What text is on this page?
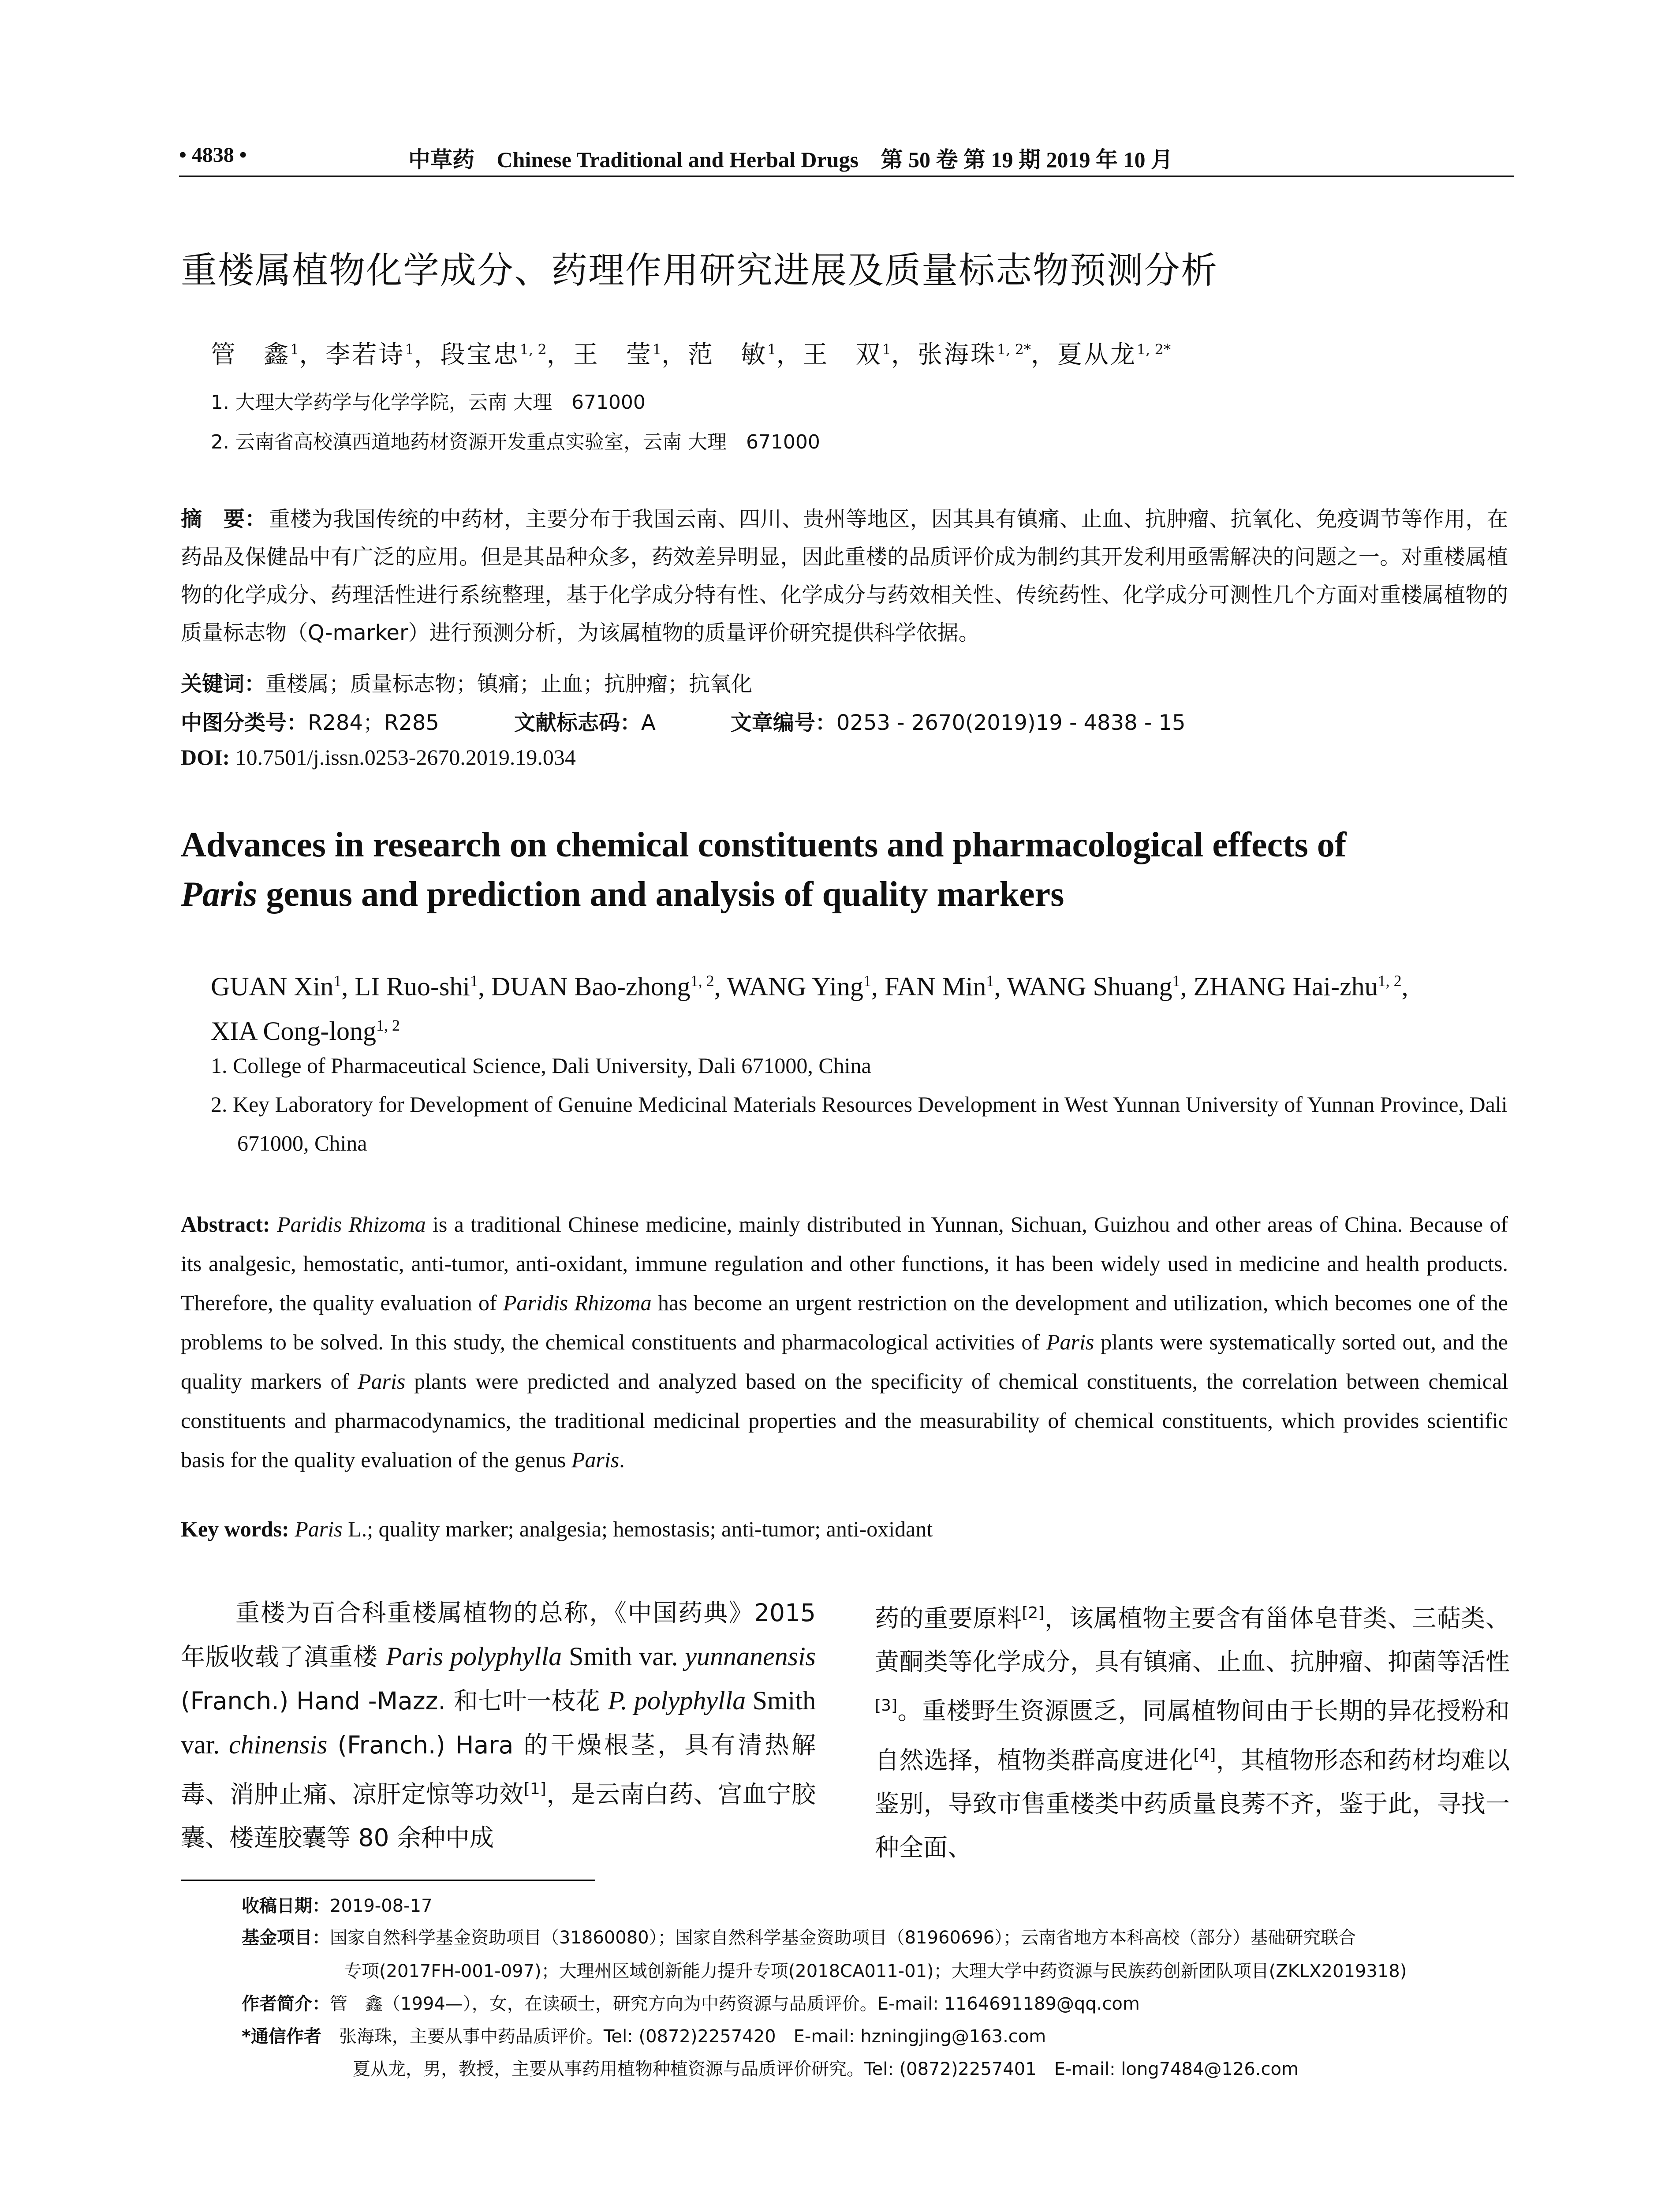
• 4838 •	中草药 Chinese Traditional and Herbal Drugs 第 50 卷 第 19 期 2019 年 10 月
重楼属植物化学成分、药理作用研究进展及质量标志物预测分析
管　鑫$^1$，李若诗$^1$，段宝忠$^{1, 2}$，王　莹$^1$，范　敏$^1$，王　双$^1$，张海珠$^{1, 2*}$，夏从龙$^{1, 2*}$
1. 大理大学药学与化学学院，云南 大理　671000
2. 云南省高校滇西道地药材资源开发重点实验室，云南 大理　671000
摘　要： 重楼为我国传统的中药材，主要分布于我国云南、四川、贵州等地区，因其具有镇痛、止血、抗肿瘤、抗氧化、免疫调节等作用，在药品及保健品中有广泛的应用。但是其品种众多，药效差异明显，因此重楼的品质评价成为制约其开发利用亟需解决的问题之一。对重楼属植物的化学成分、药理活性进行系统整理，基于化学成分特有性、化学成分与药效相关性、传统药性、化学成分可测性几个方面对重楼属植物的质量标志物（Q-marker）进行预测分析，为该属植物的质量评价研究提供科学依据。
关键词：重楼属；质量标志物；镇痛；止血；抗肿瘤；抗氧化
中图分类号：R284；R285	文献标志码：A	文章编号：0253 - 2670(2019)19 - 4838 - 15
DOI: 10.7501/j.issn.0253-2670.2019.19.034
Advances in research on chemical constituents and pharmacological effects of
Paris genus and prediction and analysis of quality markers
GUAN Xin$^1$, LI Ruo-shi$^1$, DUAN Bao-zhong$^{1, 2}$, WANG Ying$^1$, FAN Min$^1$, WANG Shuang$^1$, ZHANG Hai-zhu$^{1, 2}$,
XIA Cong-long$^{1, 2}$
1. College of Pharmaceutical Science, Dali University, Dali 671000, China
2. Key Laboratory for Development of Genuine Medicinal Materials Resources Development in West Yunnan University of Yunnan Province, Dali 671000, China
Abstract: Paridis Rhizoma is a traditional Chinese medicine, mainly distributed in Yunnan, Sichuan, Guizhou and other areas of China. Because of its analgesic, hemostatic, anti-tumor, anti-oxidant, immune regulation and other functions, it has been widely used in medicine and health products. Therefore, the quality evaluation of Paridis Rhizoma has become an urgent restriction on the development and utilization, which becomes one of the problems to be solved. In this study, the chemical constituents and pharmacological activities of Paris plants were systematically sorted out, and the quality markers of Paris plants were predicted and analyzed based on the specificity of chemical constituents, the correlation between chemical constituents and pharmacodynamics, the traditional medicinal properties and the measurability of chemical constituents, which provides scientific basis for the quality evaluation of the genus Paris.
Key words: Paris L.; quality marker; analgesia; hemostasis; anti-tumor; anti-oxidant
重楼为百合科重楼属植物的总称，《中国药典》2015 年版收载了滇重楼 Paris polyphylla Smith var. yunnanensis (Franch.) Hand -Mazz. 和七叶一枝花 P. polyphylla Smith var. chinensis (Franch.) Hara 的干燥根茎，具有清热解毒、消肿止痛、凉肝定惊等功效[1]，是云南白药、宫血宁胶囊、楼莲胶囊等 80 余种中成
药的重要原料[2]，该属植物主要含有甾体皂苷类、三萜类、黄酮类等化学成分，具有镇痛、止血、抗肿瘤、抑菌等活性[3]。重楼野生资源匮乏，同属植物间由于长期的异花授粉和自然选择，植物类群高度进化[4]，其植物形态和药材均难以鉴别，导致市售重楼类中药质量良莠不齐，鉴于此，寻找一种全面、
收稿日期：2019-08-17
基金项目：国家自然科学基金资助项目（31860080）；国家自然科学基金资助项目（81960696）；云南省地方本科高校（部分）基础研究联合
专项(2017FH-001-097)；大理州区域创新能力提升专项(2018CA011-01)；大理大学中药资源与民族药创新团队项目(ZKLX2019318)
作者简介：管　鑫（1994—），女，在读硕士，研究方向为中药资源与品质评价。E-mail: 1164691189@qq.com
*通信作者　 张海珠，主要从事中药品质评价。Tel: (0872)2257420　E-mail: hzningjing@163.com
夏从龙，男，教授，主要从事药用植物种植资源与品质评价研究。Tel: (0872)2257401　E-mail: long7484@126.com
